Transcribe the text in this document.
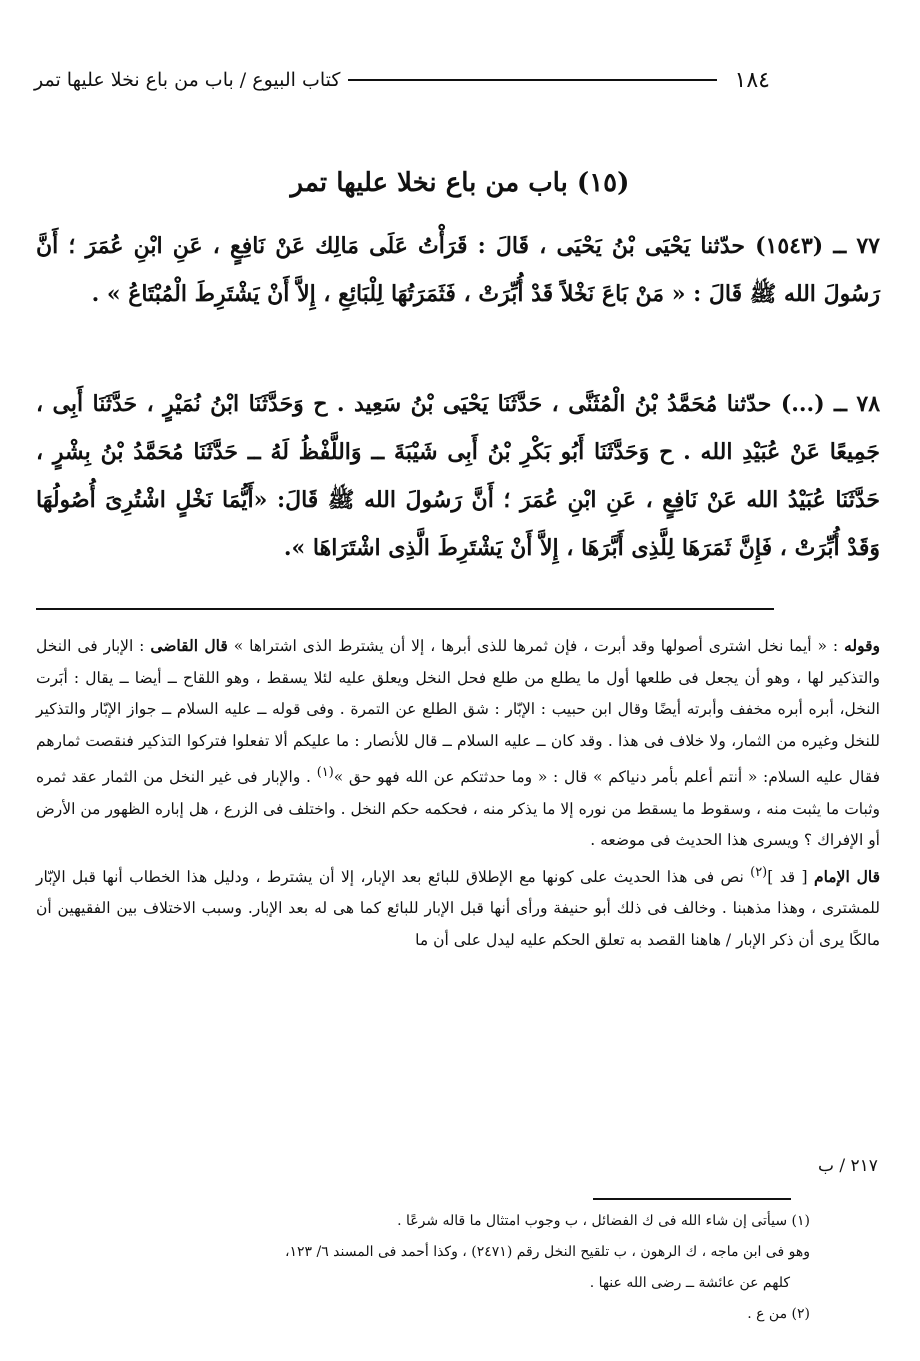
١٨٤
كتاب البيوع / باب من باع نخلا عليها تمر
(١٥) باب من باع نخلا عليها تمر
٧٧ ــ (١٥٤٣) حدّثنا يَحْيَى بْنُ يَحْيَى ، قَالَ : قَرَأْتُ عَلَى مَالِك عَنْ نَافِعٍ ، عَنِ ابْنِ عُمَرَ ؛ أَنَّ رَسُولَ الله ﷺ قَالَ : « مَنْ بَاعَ نَخْلاً قَدْ أُبِّرَتْ ، فَثَمَرَتُهَا لِلْبَائِعِ ، إِلاَّ أَنْ يَشْتَرِطَ الْمُبْتَاعُ » .
٧٨ ــ (...) حدّثنا مُحَمَّدُ بْنُ الْمُثَنَّى ، حَدَّثَنَا يَحْيَى بْنُ سَعِيد . ح وَحَدَّثَنَا ابْنُ نُمَيْرٍ ، حَدَّثَنَا أَبِى ، جَمِيعًا عَنْ عُبَيْدِ الله . ح وَحَدَّثَنَا أَبُو بَكْرِ بْنُ أَبِى شَيْبَةَ ــ وَاللَّفْظُ لَهُ ــ حَدَّثَنَا مُحَمَّدُ بْنُ بِشْرٍ ، حَدَّثَنَا عُبَيْدُ الله عَنْ نَافِعٍ ، عَنِ ابْنِ عُمَرَ ؛ أَنَّ رَسُولَ الله ﷺ قَالَ: «أَيُّمَا نَخْلٍ اشْتُرِىَ أُصُولُهَا وَقَدْ أُبِّرَتْ ، فَإِنَّ ثَمَرَهَا لِلَّذِى أَبَّرَهَا ، إِلاَّ أَنْ يَشْتَرِطَ الَّذِى اشْتَرَاهَا ».

وقوله : « أيما نخل اشترى أصولها وقد أبرت ، فإن ثمرها للذى أبرها ، إلا أن يشترط الذى اشتراها » قال القاضى : الإبار فى النخل والتذكير لها ، وهو أن يجعل فى طلعها أول ما يطلع من طلع فحل النخل ويعلق عليه لئلا يسقط ، وهو اللقاح ــ أيضا ــ يقال : أبَرت النخل، أبره أبره مخفف وأبرته أيضًا وقال ابن حبيب : الإبّار : شق الطلع عن التمرة . وفى قوله ــ عليه السلام ــ جواز الإبّار والتذكير للنخل وغيره من الثمار، ولا خلاف فى هذا . وقد كان ــ عليه السلام ــ قال للأنصار : ما عليكم ألا تفعلوا فتركوا التذكير فنقصت ثمارهم فقال عليه السلام: « أنتم أعلم بأمر دنياكم » قال : « وما حدثتكم عن الله فهو حق »$^{(١)}$ . والإبار فى غير النخل من الثمار عقد ثمره وثبات ما يثبت منه ، وسقوط ما يسقط من نوره إلا ما يذكر منه ، فحكمه حكم النخل . واختلف فى الزرع ، هل إباره الظهور من الأرض أو الإفراك ؟ ويسرى هذا الحديث فى موضعه .

قال الإمام [ قد ]$^{(٢)}$ نص فى هذا الحديث على كونها مع الإطلاق للبائع بعد الإبار، إلا أن يشترط ، ودليل هذا الخطاب أنها قبل الإبّار للمشترى ، وهذا مذهبنا . وخالف فى ذلك أبو حنيفة ورأى أنها قبل الإبار للبائع كما هى له بعد الإبار. وسبب الاختلاف بين الفقيهين أن مالكًا يرى أن ذكر الإبار / هاهنا القصد به تعلق الحكم عليه ليدل على أن ما

٢١٧ / ب
(١) سيأتى إن شاء الله فى ك الفضائل ، ب وجوب امتثال ما قاله شرعًا .
وهو فى ابن ماجه ، ك الرهون ، ب تلقيح النخل رقم (٢٤٧١) ، وكذا أحمد فى المسند ٦/ ١٢٣،
كلهم عن عائشة ــ رضى الله عنها .
(٢) من ع .
